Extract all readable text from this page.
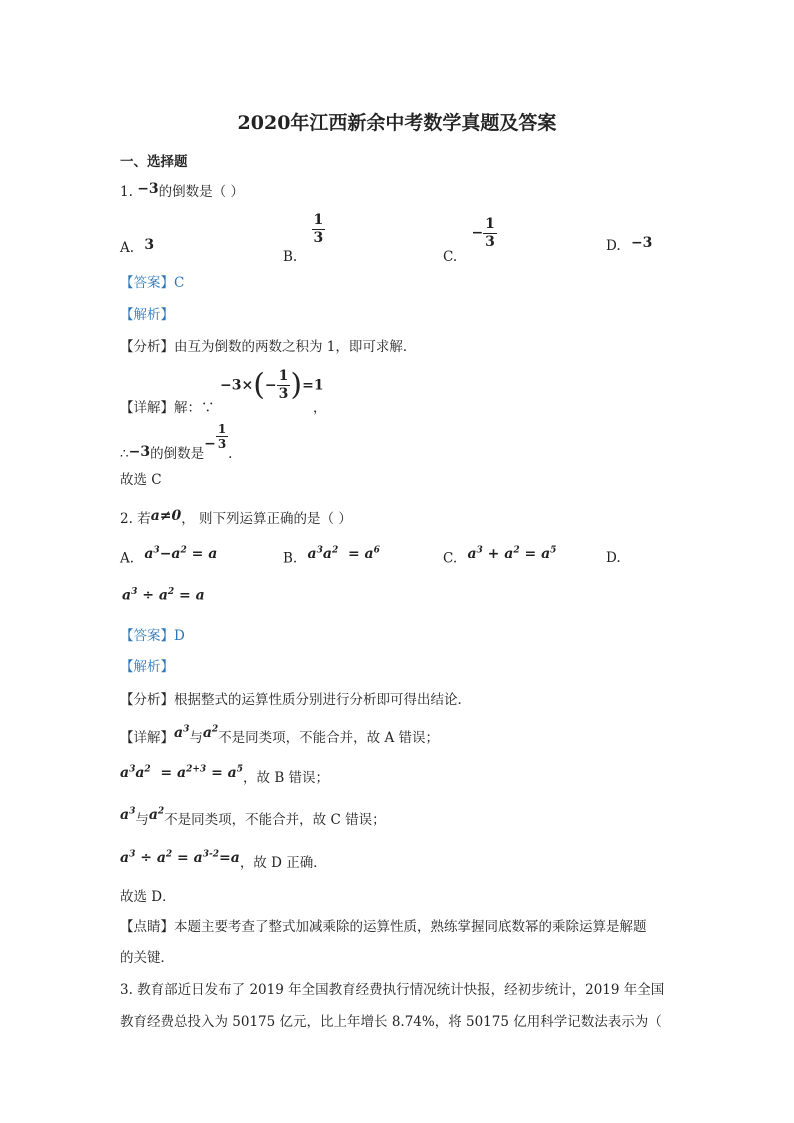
2020年江西新余中考数学真题及答案
一、选择题
1. −3的倒数是（ ）
A. 3
B.
$\frac{1}{3}$
C. − $\frac{1}{3}$	D. −3
【答案】C
【解析】
【分析】由互为倒数的两数之积为 1，即可求解．
【详解】解：∵
$-3\times(- \frac{1}{3} )=1$
，
∴−3的倒数是− $\frac{1}{3}$
.
故选 C
2. 若a≠0， 则下列运算正确的是（ ）
A. $a^3-a^2 = a$	B. $a^3a^2 = a^6$
C. $a^3 + a^2 = a^5$	D.
$a^3 \div a^2 = a$
【答案】D
【解析】
【分析】根据整式的运算性质分别进行分析即可得出结论．
【详解】$a^3$与$a^2$不是同类项，不能合并，故 A 错误；
$a^3a^2 = a^{2+3} = a^5$，故 B 错误；
$a^3$与$a^2$不是同类项，不能合并，故 C 错误；
$a^3 \div a^2 = a^{3-2}=a$，故 D 正确．
故选 D．
【点睛】本题主要考查了整式加减乘除的运算性质，熟练掌握同底数幂的乘除运算是解题
的关键．
3. 教育部近日发布了 2019 年全国教育经费执行情况统计快报，经初步统计，2019 年全国
教育经费总投入为 50175 亿元，比上年增长 8.74%，将 50175 亿用科学记数法表示为（
